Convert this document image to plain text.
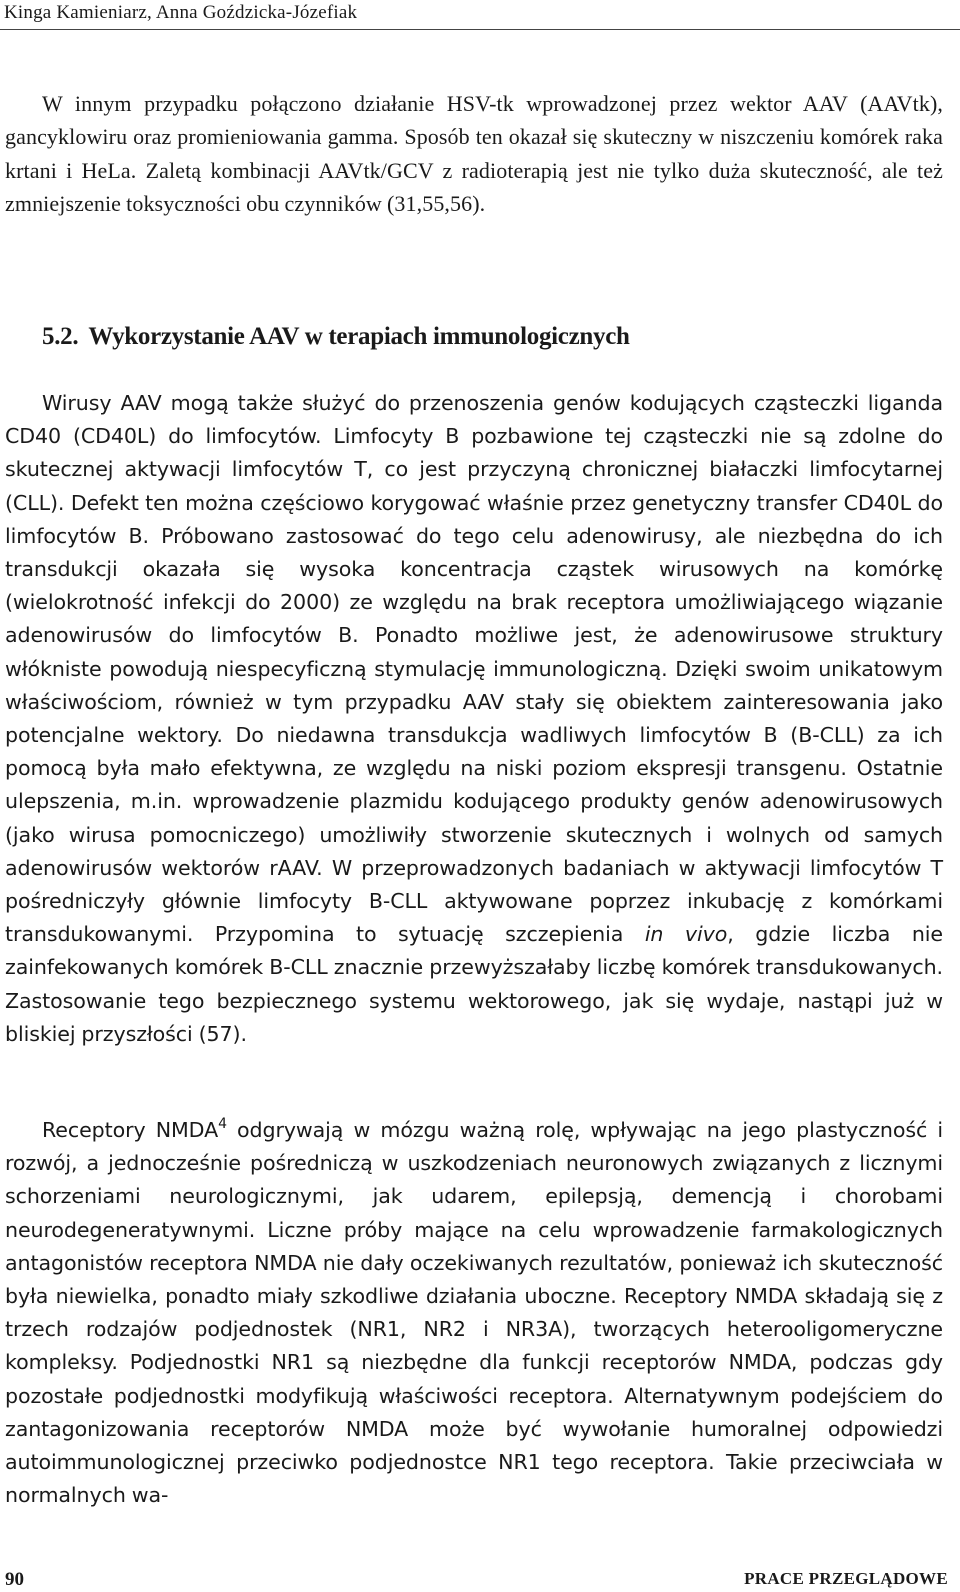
Kinga Kamieniarz, Anna Goździcka-Józefiak

W innym przypadku połączono działanie HSV-tk wprowadzonej przez wektor AAV (AAVtk), gancyklowiru oraz promieniowania gamma. Sposób ten okazał się skuteczny w niszczeniu komórek raka krtani i HeLa. Zaletą kombinacji AAVtk/GCV z radioterapią jest nie tylko duża skuteczność, ale też zmniejszenie toksyczności obu czynników (31,55,56).

5.2. Wykorzystanie AAV w terapiach immunologicznych

Wirusy AAV mogą także służyć do przenoszenia genów kodujących cząsteczki liganda CD40 (CD40L) do limfocytów. Limfocyty B pozbawione tej cząsteczki nie są zdolne do skutecznej aktywacji limfocytów T, co jest przyczyną chronicznej białaczki limfocytarnej (CLL). Defekt ten można częściowo korygować właśnie przez genetyczny transfer CD40L do limfocytów B. Próbowano zastosować do tego celu adenowirusy, ale niezbędna do ich transdukcji okazała się wysoka koncentracja cząstek wirusowych na komórkę (wielokrotność infekcji do 2000) ze względu na brak receptora umożliwiającego wiązanie adenowirusów do limfocytów B. Ponadto możliwe jest, że adenowirusowe struktury włókniste powodują niespecyficzną stymulację immunologiczną. Dzięki swoim unikatowym właściwościom, również w tym przypadku AAV stały się obiektem zainteresowania jako potencjalne wektory. Do niedawna transdukcja wadliwych limfocytów B (B-CLL) za ich pomocą była mało efektywna, ze względu na niski poziom ekspresji transgenu. Ostatnie ulepszenia, m.in. wprowadzenie plazmidu kodującego produkty genów adenowirusowych (jako wirusa pomocniczego) umożliwiły stworzenie skutecznych i wolnych od samych adenowirusów wektorów rAAV. W przeprowadzonych badaniach w aktywacji limfocytów T pośredniczyły głównie limfocyty B-CLL aktywowane poprzez inkubację z komórkami transdukowanymi. Przypomina to sytuację szczepienia in vivo, gdzie liczba nie zainfekowanych komórek B-CLL znacznie przewyższałaby liczbę komórek transdukowanych. Zastosowanie tego bezpiecznego systemu wektorowego, jak się wydaje, nastąpi już w bliskiej przyszłości (57).

Receptory NMDA$^4$ odgrywają w mózgu ważną rolę, wpływając na jego plastyczność i rozwój, a jednocześnie pośredniczą w uszkodzeniach neuronowych związanych z licznymi schorzeniami neurologicznymi, jak udarem, epilepsją, demencją i chorobami neurodegeneratywnymi. Liczne próby mające na celu wprowadzenie farmakologicznych antagonistów receptora NMDA nie dały oczekiwanych rezultatów, ponieważ ich skuteczność była niewielka, ponadto miały szkodliwe działania uboczne. Receptory NMDA składają się z trzech rodzajów podjednostek (NR1, NR2 i NR3A), tworzących heterooligomeryczne kompleksy. Podjednostki NR1 są niezbędne dla funkcji receptorów NMDA, podczas gdy pozostałe podjednostki modyfikują właściwości receptora. Alternatywnym podejściem do zantagonizowania receptorów NMDA może być wywołanie humoralnej odpowiedzi autoimmunologicznej przeciwko podjednostce NR1 tego receptora. Takie przeciwciała w normalnych wa-

90	PRACE PRZEGLĄDOWE
